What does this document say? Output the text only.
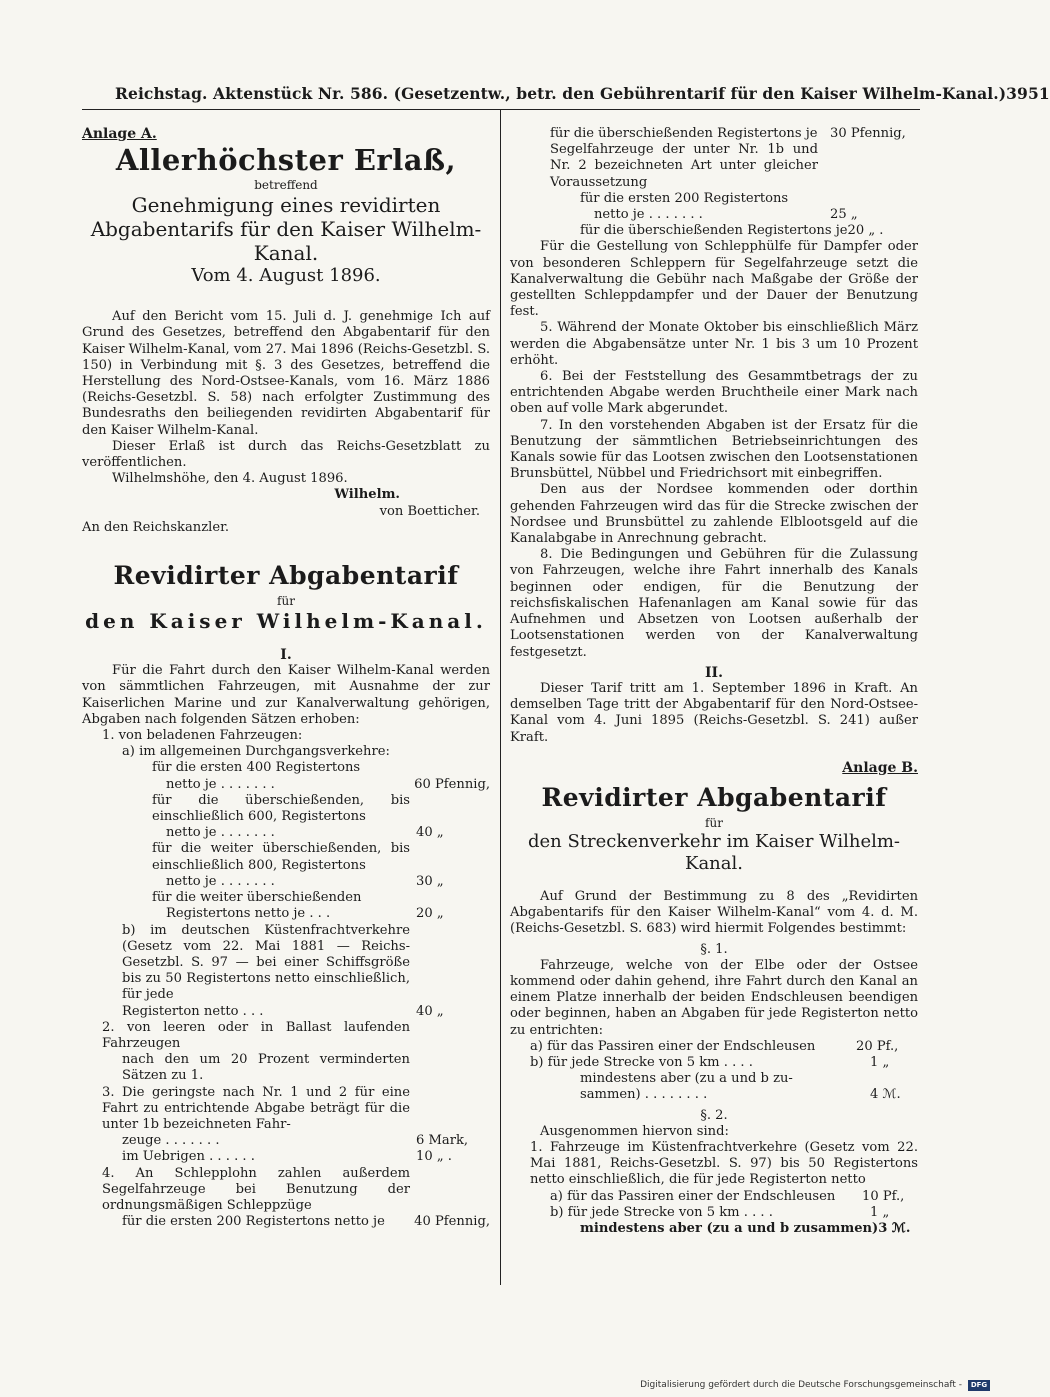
Reichstag. Aktenstück Nr. 586. (Gesetzentw., betr. den Gebührentarif für den Kaiser Wilhelm-Kanal.) 3951

Anlage A.

Allerhöchster Erlaß,

betreffend

Genehmigung eines revidirten Abgabentarifs für den Kaiser Wilhelm-Kanal.

Vom 4. August 1896.

Auf den Bericht vom 15. Juli d. J. genehmige Ich auf Grund des Gesetzes, betreffend den Abgabentarif für den Kaiser Wilhelm-Kanal, vom 27. Mai 1896 (Reichs-Gesetzbl. S. 150) in Verbindung mit §. 3 des Gesetzes, betreffend die Herstellung des Nord-Ostsee-Kanals, vom 16. März 1886 (Reichs-Gesetzbl. S. 58) nach erfolgter Zustimmung des Bundesraths den beiliegenden revidirten Abgabentarif für den Kaiser Wilhelm-Kanal.

Dieser Erlaß ist durch das Reichs-Gesetzblatt zu veröffentlichen.

Wilhelmshöhe, den 4. August 1896.

Wilhelm.

von Boetticher.

An den Reichskanzler.

Revidirter Abgabentarif

für

den Kaiser Wilhelm-Kanal.

I.

Für die Fahrt durch den Kaiser Wilhelm-Kanal werden von sämmtlichen Fahrzeugen, mit Ausnahme der zur Kaiserlichen Marine und zur Kanalverwaltung gehörigen, Abgaben nach folgenden Sätzen erhoben:

1. von beladenen Fahrzeugen:

a) im allgemeinen Durchgangsverkehre:

für die ersten 400 Registertons

netto je . . . . . . .	60 Pfennig,

für die überschießenden, bis einschließlich 600, Registertons

netto je . . . . . . .	40 „

für die weiter überschießenden, bis einschließlich 800, Registertons

netto je . . . . . . .	30 „

für die weiter überschießenden

Registertons netto je . . .	20 „

b) im deutschen Küstenfrachtverkehre (Gesetz vom 22. Mai 1881 — Reichs-Gesetzbl. S. 97 — bei einer Schiffsgröße bis zu 50 Registertons netto einschließlich, für jede

Registerton netto . . .	40 „

2. von leeren oder in Ballast laufenden Fahrzeugen

nach den um 20 Prozent verminderten Sätzen zu 1.

3. Die geringste nach Nr. 1 und 2 für eine Fahrt zu entrichtende Abgabe beträgt für die unter 1b bezeichneten Fahr-

zeuge . . . . . . .	6 Mark,
im Uebrigen . . . . . .	10 „ .

4. An Schlepplohn zahlen außerdem Segelfahrzeuge bei Benutzung der ordnungsmäßigen Schleppzüge

für die ersten 200 Registertons netto je 40 Pfennig,
für die überschießenden Registertons je 30 Pfennig,

Segelfahrzeuge der unter Nr. 1b und Nr. 2 bezeichneten Art unter gleicher Voraussetzung

für die ersten 200 Registertons

netto je . . . . . . .	25 „
für die überschießenden Registertons je 20 „ .

Für die Gestellung von Schlepphülfe für Dampfer oder von besonderen Schleppern für Segelfahrzeuge setzt die Kanalverwaltung die Gebühr nach Maßgabe der Größe der gestellten Schleppdampfer und der Dauer der Benutzung fest.

5. Während der Monate Oktober bis einschließlich März werden die Abgabensätze unter Nr. 1 bis 3 um 10 Prozent erhöht.

6. Bei der Feststellung des Gesammtbetrags der zu entrichtenden Abgabe werden Bruchtheile einer Mark nach oben auf volle Mark abgerundet.

7. In den vorstehenden Abgaben ist der Ersatz für die Benutzung der sämmtlichen Betriebseinrichtungen des Kanals sowie für das Lootsen zwischen den Lootsenstationen Brunsbüttel, Nübbel und Friedrichsort mit einbegriffen.

Den aus der Nordsee kommenden oder dorthin gehenden Fahrzeugen wird das für die Strecke zwischen der Nordsee und Brunsbüttel zu zahlende Elblootsgeld auf die Kanalabgabe in Anrechnung gebracht.

8. Die Bedingungen und Gebühren für die Zulassung von Fahrzeugen, welche ihre Fahrt innerhalb des Kanals beginnen oder endigen, für die Benutzung der reichsfiskalischen Hafenanlagen am Kanal sowie für das Aufnehmen und Absetzen von Lootsen außerhalb der Lootsenstationen werden von der Kanalverwaltung festgesetzt.

II.

Dieser Tarif tritt am 1. September 1896 in Kraft. An demselben Tage tritt der Abgabentarif für den Nord-Ostsee-Kanal vom 4. Juni 1895 (Reichs-Gesetzbl. S. 241) außer Kraft.

Anlage B.

Revidirter Abgabentarif

für

den Streckenverkehr im Kaiser Wilhelm-Kanal.

Auf Grund der Bestimmung zu 8 des „Revidirten Abgabentarifs für den Kaiser Wilhelm-Kanal“ vom 4. d. M. (Reichs-Gesetzbl. S. 683) wird hiermit Folgendes bestimmt:

§. 1.

Fahrzeuge, welche von der Elbe oder der Ostsee kommend oder dahin gehend, ihre Fahrt durch den Kanal an einem Platze innerhalb der beiden Endschleusen beendigen oder beginnen, haben an Abgaben für jede Registerton netto zu entrichten:

a) für das Passiren einer der Endschleusen	20 Pf.,
b) für jede Strecke von 5 km . . . .	1 „

mindestens aber (zu a und b zu-

sammen) . . . . . . . .	4 ℳ.

§. 2.

Ausgenommen hiervon sind:

1. Fahrzeuge im Küstenfrachtverkehre (Gesetz vom 22. Mai 1881, Reichs-Gesetzbl. S. 97) bis 50 Registertons netto einschließlich, die für jede Registerton netto

a) für das Passiren einer der Endschleusen 10 Pf.,
b) für jede Strecke von 5 km . . . .	1 „
mindestens aber (zu a und b zusammen) 3 ℳ.
Digitalisierung gefördert durch die Deutsche Forschungsgemeinschaft -	DFG
